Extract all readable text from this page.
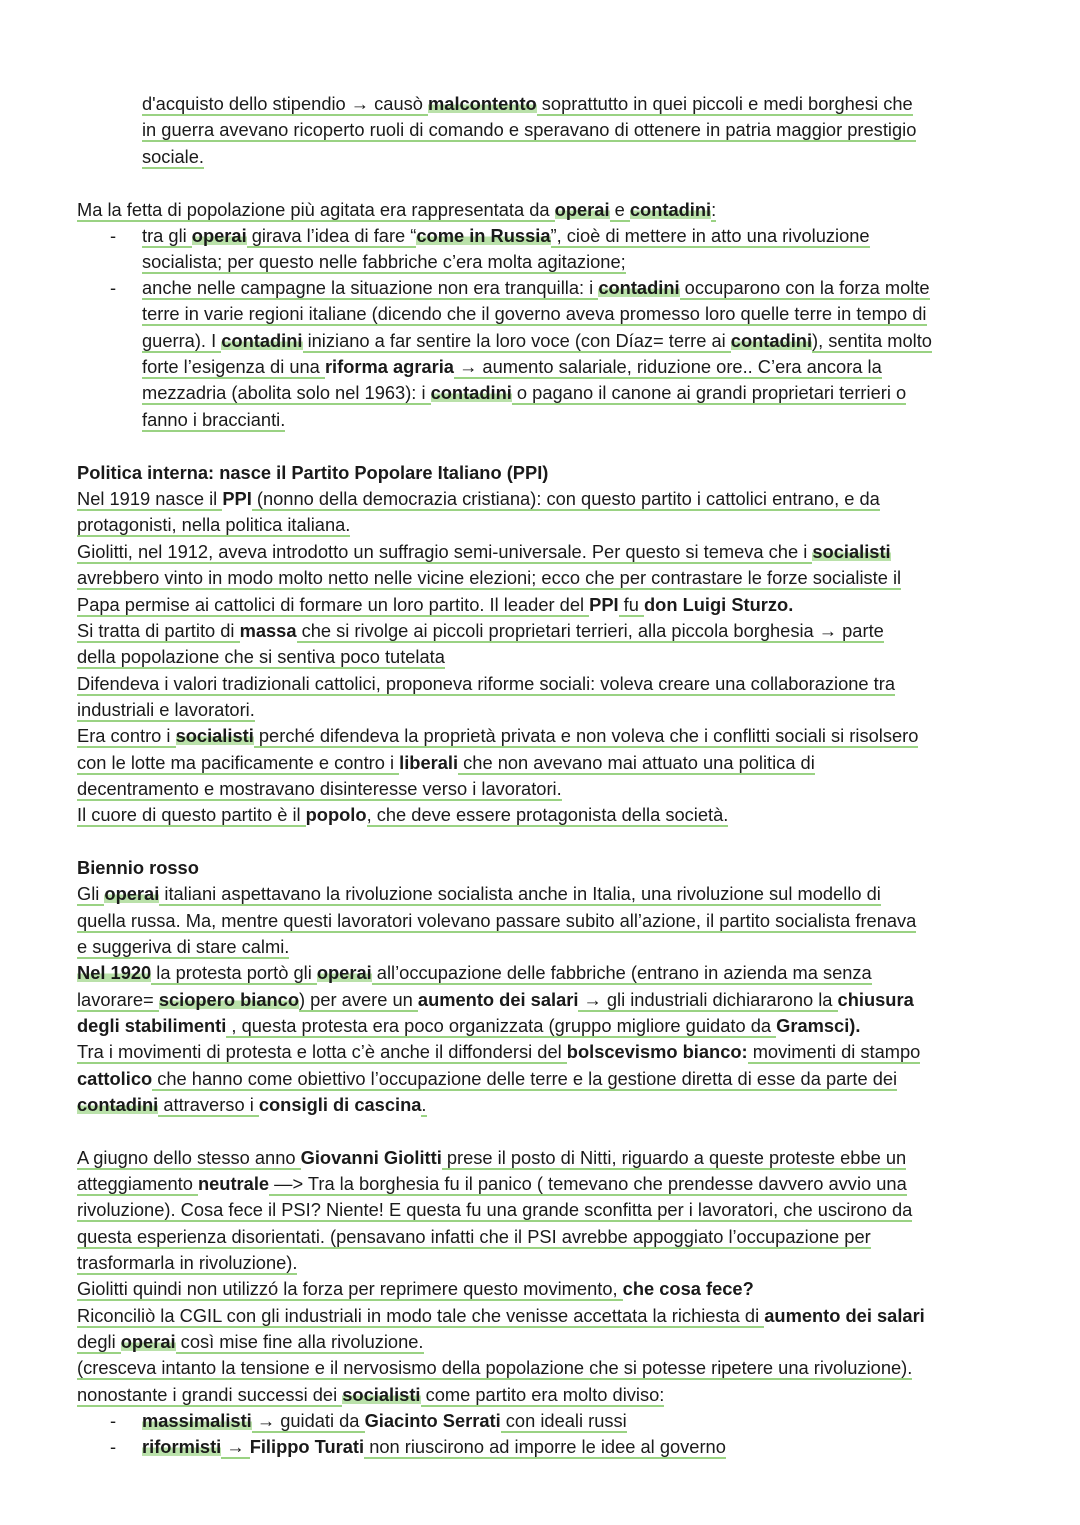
d'acquisto dello stipendio → causò malcontento soprattutto in quei piccoli e medi borghesi che
in guerra avevano ricoperto ruoli di comando e speravano di ottenere in patria maggior prestigio
sociale.
Ma la fetta di popolazione più agitata era rappresentata da operai e contadini:
- tra gli operai girava l’idea di fare “come in Russia”, cioè di mettere in atto una rivoluzione
socialista; per questo nelle fabbriche c’era molta agitazione;
- anche nelle campagne la situazione non era tranquilla: i contadini occuparono con la forza molte
terre in varie regioni italiane (dicendo che il governo aveva promesso loro quelle terre in tempo di
guerra). I contadini iniziano a far sentire la loro voce (con Díaz= terre ai contadini), sentita molto
forte l’esigenza di una riforma agraria → aumento salariale, riduzione ore.. C’era ancora la
mezzadria (abolita solo nel 1963): i contadini o pagano il canone ai grandi proprietari terrieri o
fanno i braccianti.
Politica interna: nasce il Partito Popolare Italiano (PPI)
Nel 1919 nasce il PPI (nonno della democrazia cristiana): con questo partito i cattolici entrano, e da
protagonisti, nella politica italiana.
Giolitti, nel 1912, aveva introdotto un suffragio semi-universale. Per questo si temeva che i socialisti
avrebbero vinto in modo molto netto nelle vicine elezioni; ecco che per contrastare le forze socialiste il
Papa permise ai cattolici di formare un loro partito. Il leader del PPI fu don Luigi Sturzo.
Si tratta di partito di massa che si rivolge ai piccoli proprietari terrieri, alla piccola borghesia → parte
della popolazione che si sentiva poco tutelata
Difendeva i valori tradizionali cattolici, proponeva riforme sociali: voleva creare una collaborazione tra
industriali e lavoratori.
Era contro i socialisti perché difendeva la proprietà privata e non voleva che i conflitti sociali si risolsero
con le lotte ma pacificamente e contro i liberali che non avevano mai attuato una politica di
decentramento e mostravano disinteresse verso i lavoratori.
Il cuore di questo partito è il popolo, che deve essere protagonista della società.
Biennio rosso
Gli operai italiani aspettavano la rivoluzione socialista anche in Italia, una rivoluzione sul modello di
quella russa. Ma, mentre questi lavoratori volevano passare subito all’azione, il partito socialista frenava
e suggeriva di stare calmi.
Nel 1920 la protesta portò gli operai all’occupazione delle fabbriche (entrano in azienda ma senza
lavorare= sciopero bianco) per avere un aumento dei salari → gli industriali dichiararono la chiusura
degli stabilimenti , questa protesta era poco organizzata (gruppo migliore guidato da Gramsci).
Tra i movimenti di protesta e lotta c’è anche il diffondersi del bolscevismo bianco: movimenti di stampo
cattolico che hanno come obiettivo l’occupazione delle terre e la gestione diretta di esse da parte dei
contadini attraverso i consigli di cascina.
A giugno dello stesso anno Giovanni Giolitti prese il posto di Nitti, riguardo a queste proteste ebbe un
atteggiamento neutrale —> Tra la borghesia fu il panico ( temevano che prendesse davvero avvio una
rivoluzione). Cosa fece il PSI? Niente! E questa fu una grande sconfitta per i lavoratori, che uscirono da
questa esperienza disorientati. (pensavano infatti che il PSI avrebbe appoggiato l’occupazione per
trasformarla in rivoluzione).
Giolitti quindi non utilizzó la forza per reprimere questo movimento, che cosa fece?
Riconciliò la CGIL con gli industriali in modo tale che venisse accettata la richiesta di aumento dei salari
degli operai così mise fine alla rivoluzione.
(cresceva intanto la tensione e il nervosismo della popolazione che si potesse ripetere una rivoluzione).
nonostante i grandi successi dei socialisti come partito era molto diviso:
- massimalisti → guidati da Giacinto Serrati con ideali russi
- riformisti → Filippo Turati non riuscirono ad imporre le idee al governo
